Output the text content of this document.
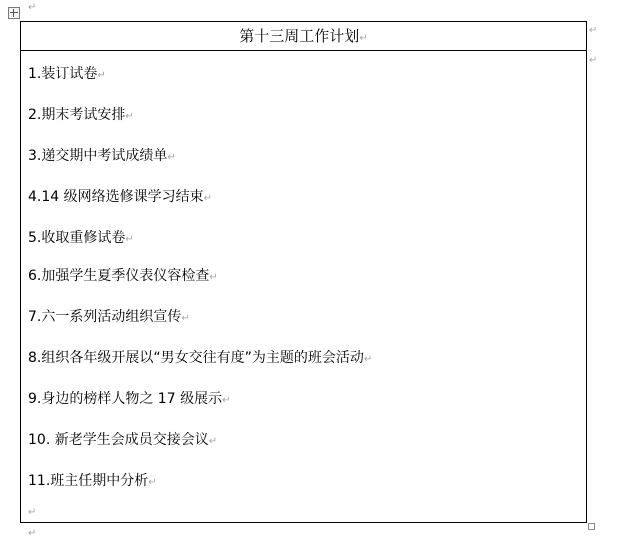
↵
第十三周工作计划↵
1.装订试卷↵
2.期末考试安排↵
3.递交期中考试成绩单↵
4.14 级网络选修课学习结束↵
5.收取重修试卷↵
6.加强学生夏季仪表仪容检查↵
7.六一系列活动组织宣传↵
8.组织各年级开展以“男女交往有度”为主题的班会活动↵
9.身边的榜样人物之 17 级展示↵
10. 新老学生会成员交接会议↵
11.班主任期中分析↵
↵
↵
↵
↵
